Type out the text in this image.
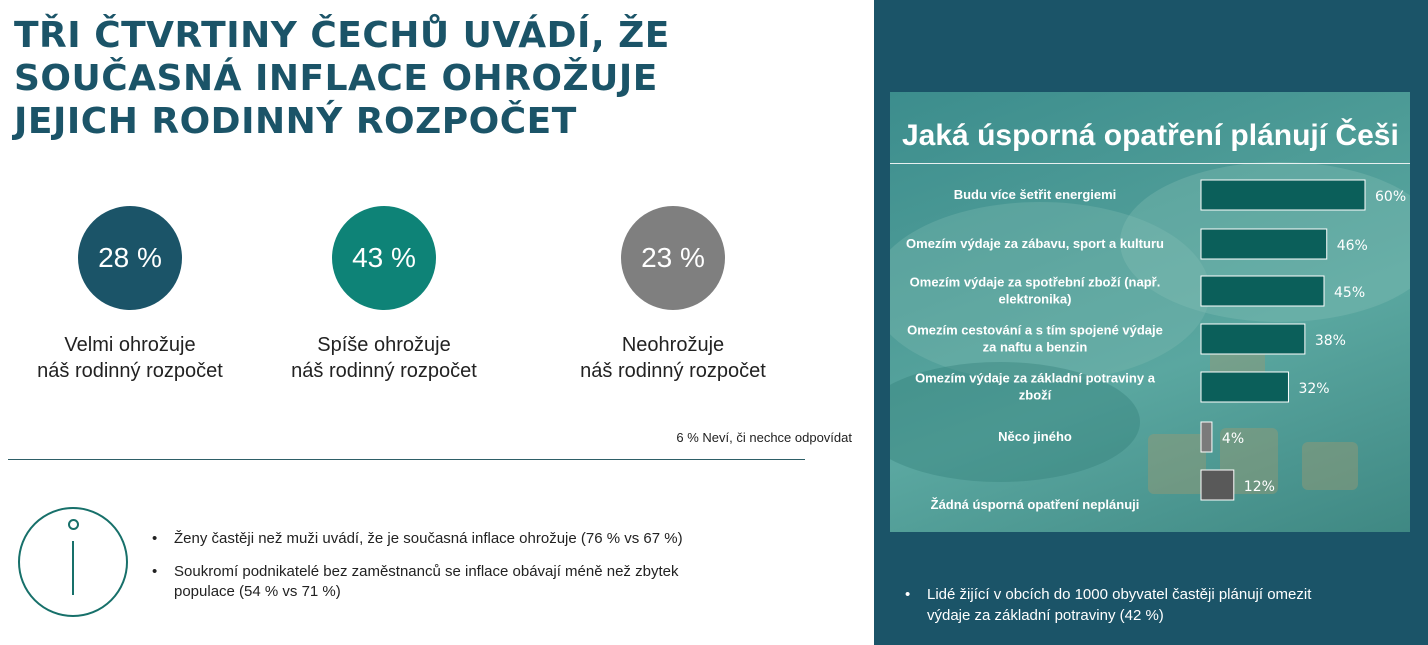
TŘI ČTVRTINY ČECHŮ UVÁDÍ, ŽE
SOUČASNÁ INFLACE OHROŽUJE
JEJICH RODINNÝ ROZPOČET
28 %
Velmi ohrožuje
náš rodinný rozpočet
43 %
Spíše ohrožuje
náš rodinný rozpočet
23 %
Neohrožuje
náš rodinný rozpočet
6 % Neví, či nechce odpovídat
• Ženy častěji než muži uvádí, že je současná inflace ohrožuje (76 % vs 67 %)
• Soukromí podnikatelé bez zaměstnanců se inflace obávají méně než zbytek
populace (54 % vs 71 %)
Jaká úsporná opatření plánují Češi
Budu více šetřit energiemi	60%
Omezím výdaje za zábavu, sport a kulturu	46%
Omezím výdaje za spotřební zboží (např.
elektronika)	45%
Omezím cestování a s tím spojené výdaje
za naftu a benzin	38%
Omezím výdaje za základní potraviny a
zboží	32%
Něco jiného	4%
Žádná úsporná opatření neplánuji
12%
• Lidé žijící v obcích do 1000 obyvatel častěji plánují omezit
výdaje za základní potraviny (42 %)
